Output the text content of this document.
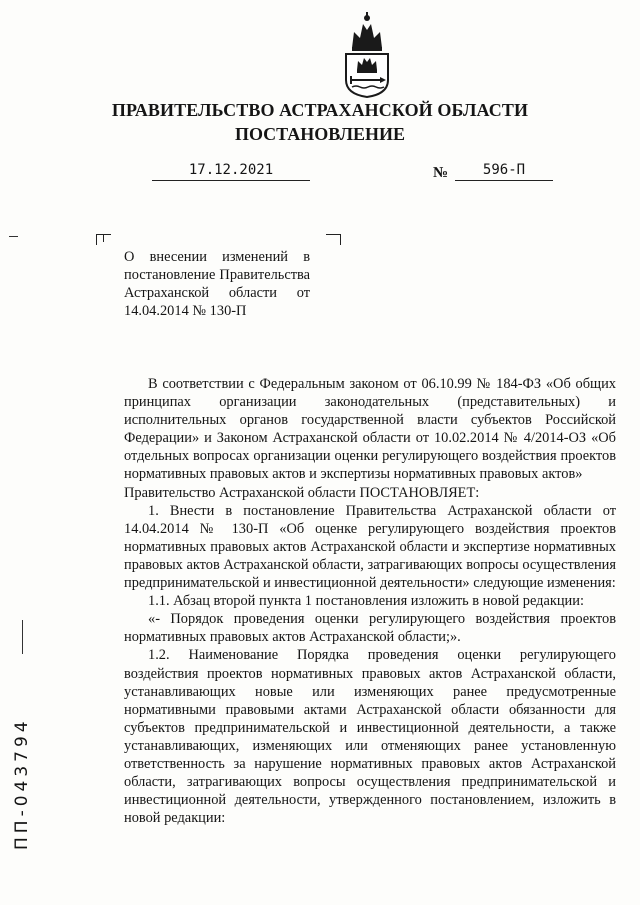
ПРАВИТЕЛЬСТВО АСТРАХАНСКОЙ ОБЛАСТИ
ПОСТАНОВЛЕНИЕ
17.12.2021	№	596-П
О внесении изменений в постановление Правительства Астраханской области от 14.04.2014 № 130-П

В соответствии с Федеральным законом от 06.10.99 № 184-ФЗ «Об общих принципах организации законодательных (представительных) и исполнительных органов государственной власти субъектов Российской Федерации» и Законом Астраханской области от 10.02.2014 № 4/2014-ОЗ «Об отдельных вопросах организации оценки регулирующего воздействия проектов нормативных правовых актов и экспертизы нормативных правовых актов»

Правительство Астраханской области ПОСТАНОВЛЯЕТ:

1. Внести в постановление Правительства Астраханской области от 14.04.2014 № 130-П «Об оценке регулирующего воздействия проектов нормативных правовых актов Астраханской области и экспертизе нормативных правовых актов Астраханской области, затрагивающих вопросы осуществления предпринимательской и инвестиционной деятельности» следующие изменения:

1.1. Абзац второй пункта 1 постановления изложить в новой редакции:

«- Порядок проведения оценки регулирующего воздействия проектов нормативных правовых актов Астраханской области;».

1.2. Наименование Порядка проведения оценки регулирующего воздействия проектов нормативных правовых актов Астраханской области, устанавливающих новые или изменяющих ранее предусмотренные нормативными правовыми актами Астраханской области обязанности для субъектов предпринимательской и инвестиционной деятельности, а также устанавливающих, изменяющих или отменяющих ранее установленную ответственность за нарушение нормативных правовых актов Астраханской области, затрагивающих вопросы осуществления предпринимательской и инвестиционной деятельности, утвержденного постановлением, изложить в новой редакции:

ПП-043794
